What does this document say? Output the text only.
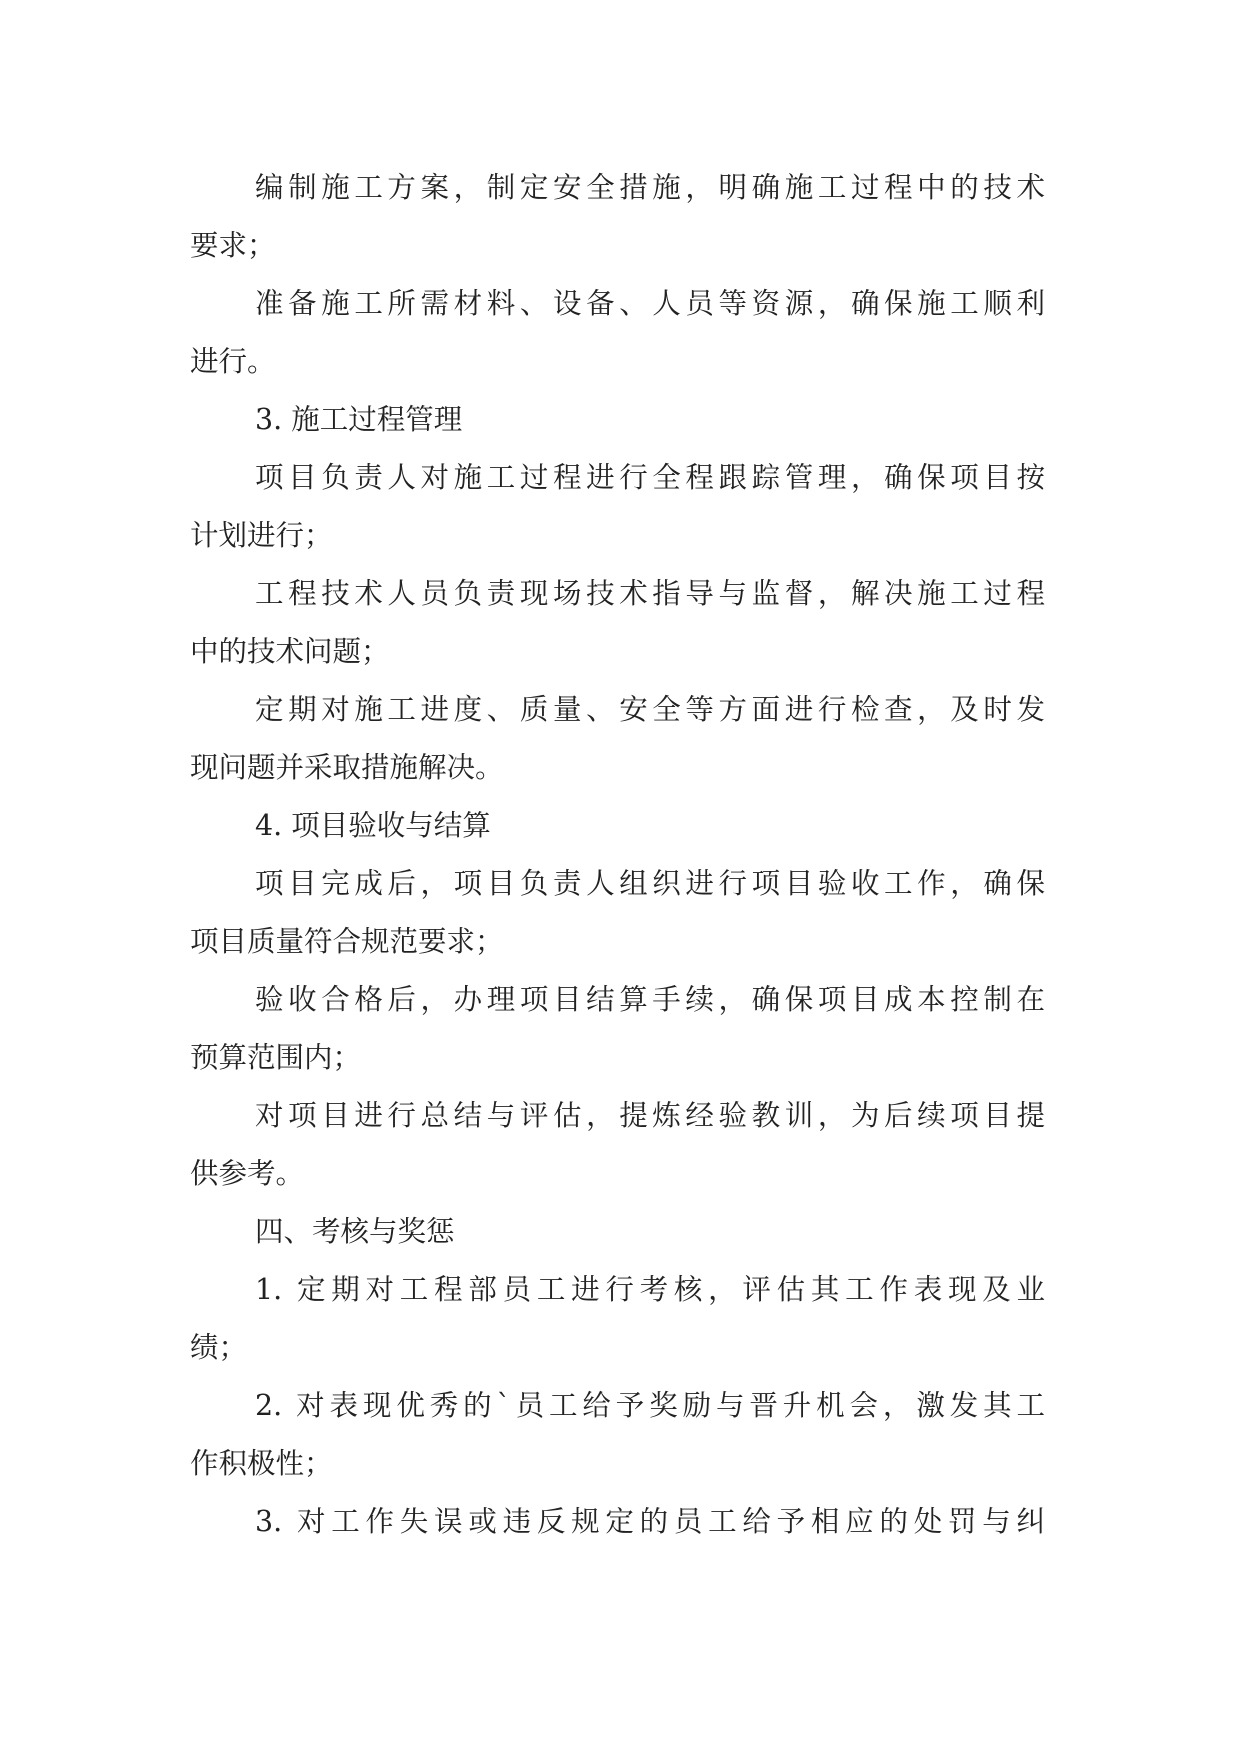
编制施工方案，制定安全措施，明确施工过程中的技术
要求；
准备施工所需材料、设备、人员等资源，确保施工顺利
进行。
3. 施工过程管理
项目负责人对施工过程进行全程跟踪管理，确保项目按
计划进行；
工程技术人员负责现场技术指导与监督，解决施工过程
中的技术问题；
定期对施工进度、质量、安全等方面进行检查，及时发
现问题并采取措施解决。
4. 项目验收与结算
项目完成后，项目负责人组织进行项目验收工作，确保
项目质量符合规范要求；
验收合格后，办理项目结算手续，确保项目成本控制在
预算范围内；
对项目进行总结与评估，提炼经验教训，为后续项目提
供参考。
四、考核与奖惩
1. 定期对工程部员工进行考核，评估其工作表现及业
绩；
2. 对表现优秀的`员工给予奖励与晋升机会，激发其工
作积极性；
3. 对工作失误或违反规定的员工给予相应的处罚与纠
